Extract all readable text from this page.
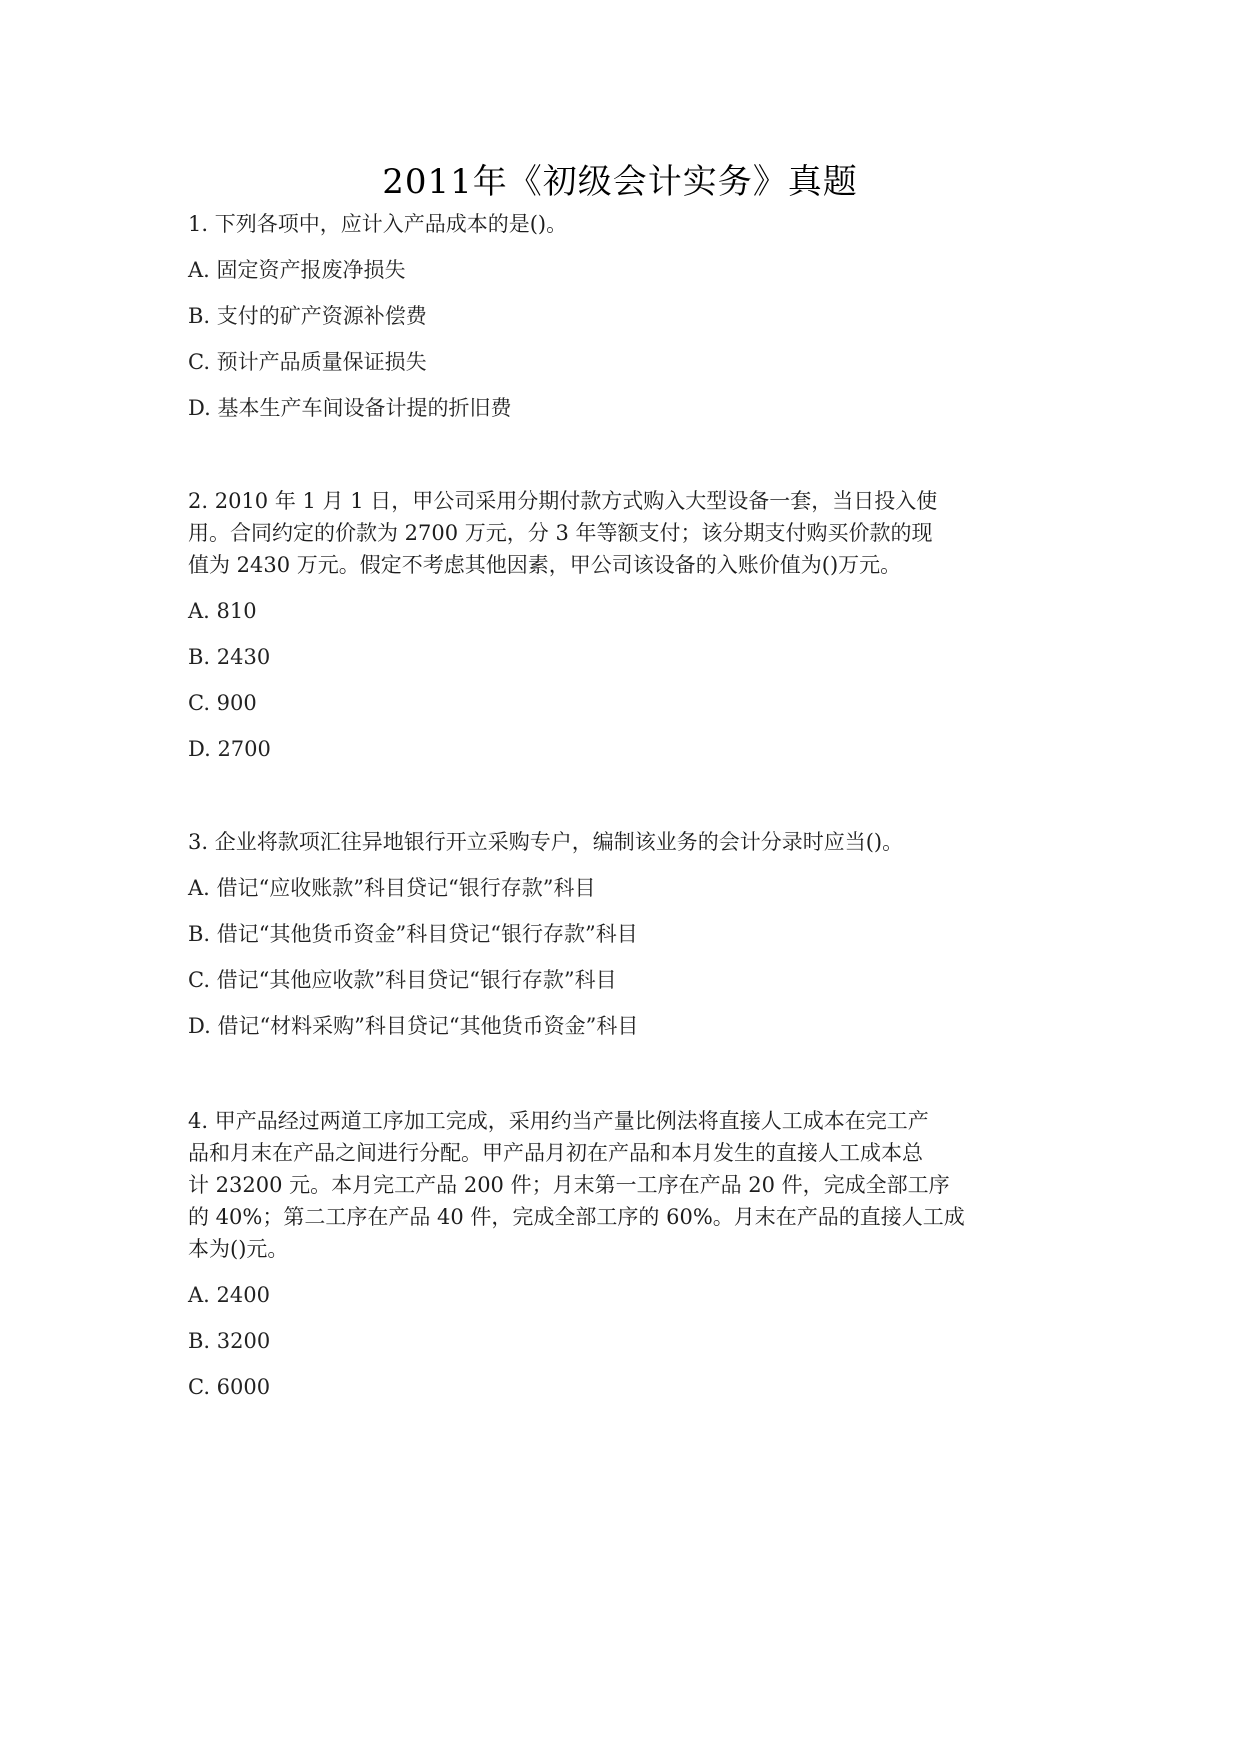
2011年《初级会计实务》真题
1. 下列各项中，应计入产品成本的是()。
A. 固定资产报废净损失
B. 支付的矿产资源补偿费
C. 预计产品质量保证损失
D. 基本生产车间设备计提的折旧费
2. 2010 年 1 月 1 日，甲公司采用分期付款方式购入大型设备一套，当日投入使
用。合同约定的价款为 2700 万元，分 3 年等额支付；该分期支付购买价款的现
值为 2430 万元。假定不考虑其他因素，甲公司该设备的入账价值为()万元。
A. 810
B. 2430
C. 900
D. 2700
3. 企业将款项汇往异地银行开立采购专户，编制该业务的会计分录时应当()。
A. 借记“应收账款”科目贷记“银行存款”科目
B. 借记“其他货币资金”科目贷记“银行存款”科目
C. 借记“其他应收款”科目贷记“银行存款”科目
D. 借记“材料采购”科目贷记“其他货币资金”科目
4. 甲产品经过两道工序加工完成，采用约当产量比例法将直接人工成本在完工产
品和月末在产品之间进行分配。甲产品月初在产品和本月发生的直接人工成本总
计 23200 元。本月完工产品 200 件；月末第一工序在产品 20 件，完成全部工序
的 40%；第二工序在产品 40 件，完成全部工序的 60%。月末在产品的直接人工成
本为()元。
A. 2400
B. 3200
C. 6000
